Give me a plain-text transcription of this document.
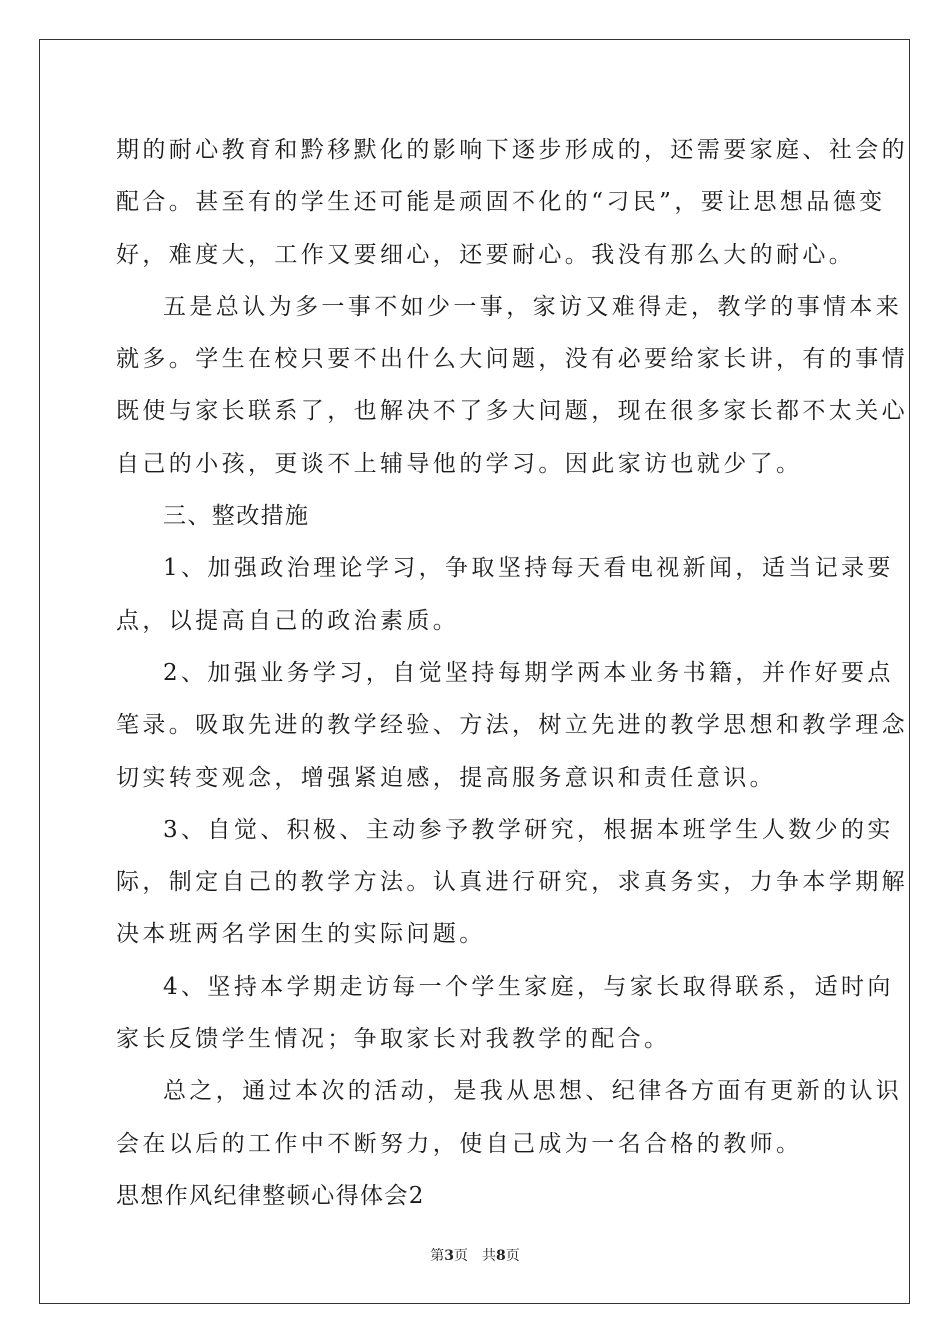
期的耐心教育和黔移默化的影响下逐步形成的，还需要家庭、社会的
配合。甚至有的学生还可能是顽固不化的“刁民”，要让思想品德变
好，难度大，工作又要细心，还要耐心。我没有那么大的耐心。
五是总认为多一事不如少一事，家访又难得走，教学的事情本来
就多。学生在校只要不出什么大问题，没有必要给家长讲，有的事情
既使与家长联系了，也解决不了多大问题，现在很多家长都不太关心
自己的小孩，更谈不上辅导他的学习。因此家访也就少了。
三、整改措施
1、加强政治理论学习，争取坚持每天看电视新闻，适当记录要
点，以提高自己的政治素质。
2、加强业务学习，自觉坚持每期学两本业务书籍，并作好要点
笔录。吸取先进的教学经验、方法，树立先进的教学思想和教学理念
切实转变观念，增强紧迫感，提高服务意识和责任意识。
3、自觉、积极、主动参予教学研究，根据本班学生人数少的实
际，制定自己的教学方法。认真进行研究，求真务实，力争本学期解
决本班两名学困生的实际问题。
4、坚持本学期走访每一个学生家庭，与家长取得联系，适时向
家长反馈学生情况；争取家长对我教学的配合。
总之，通过本次的活动，是我从思想、纪律各方面有更新的认识
会在以后的工作中不断努力，使自己成为一名合格的教师。
思想作风纪律整顿心得体会2
第3页 共8页
